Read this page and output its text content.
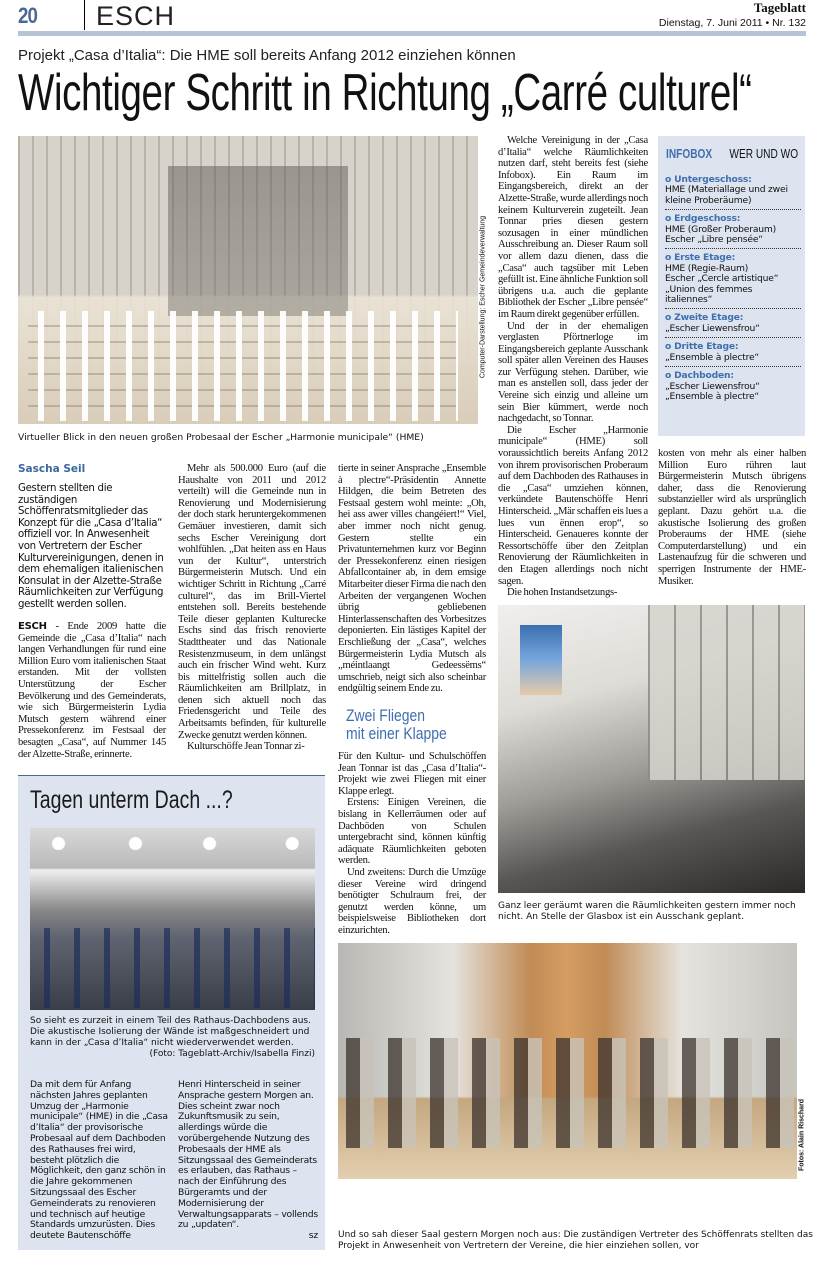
20 ESCH	Tageblatt
Dienstag, 7. Juni 2011 • Nr. 132
Projekt „Casa d’Italia“: Die HME soll bereits Anfang 2012 einziehen können
Wichtiger Schritt in Richtung „Carré culturel“
Computer-Darstellung: Escher Gemeindeverwaltung
Virtueller Blick in den neuen großen Probesaal der Escher „Harmonie municipale“ (HME)
Sascha Seil
Gestern stellten die zuständigen Schöffenratsmitglieder das Konzept für die „Casa d’Italia“ offiziell vor. In Anwesenheit von Vertretern der Escher Kulturvereinigungen, denen in dem ehemaligen italienischen Konsulat in der Alzette-Straße Räumlichkeiten zur Verfügung gestellt werden sollen.

ESCH - Ende 2009 hatte die Gemeinde die „Casa d’Italia“ nach langen Verhandlungen für rund eine Million Euro vom italienischen Staat erstanden. Mit der vollsten Unterstützung der Escher Bevölkerung und des Gemeinderats, wie sich Bürgermeisterin Lydia Mutsch gestern während einer Pressekonferenz im Festsaal der besagten „Casa“, auf Nummer 145 der Alzette-Straße, erinnerte.

Mehr als 500.000 Euro (auf die Haushalte von 2011 und 2012 verteilt) will die Gemeinde nun in Renovierung und Modernisierung der doch stark heruntergekommenen Gemäuer investieren, damit sich sechs Escher Vereinigung dort wohlfühlen. „Dat heiten ass en Haus vun der Kultur“, unterstrich Bürgermeisterin Mutsch. Und ein wichtiger Schritt in Richtung „Carré culturel“, das im Brill-Viertel entstehen soll. Bereits bestehende Teile dieser geplanten Kulturecke Eschs sind das frisch renovierte Stadttheater und das Nationale Resistenzmuseum, in dem unlängst auch ein frischer Wind weht. Kurz bis mittelfristig sollen auch die Räumlichkeiten am Brillplatz, in denen sich aktuell noch das Friedensgericht und Teile des Arbeitsamts befinden, für kulturelle Zwecke genutzt werden können.

Kulturschöffe Jean Tonnar zi-

tierte in seiner Ansprache „Ensemble à plectre“-Präsidentin Annette Hildgen, die beim Betreten des Festsaal gestern wohl meinte: „Oh, hei ass awer villes changéiert!“ Viel, aber immer noch nicht genug. Gestern stellte ein Privatunternehmen kurz vor Beginn der Pressekonferenz einen riesigen Abfallcontainer ab, in dem emsige Mitarbeiter dieser Firma die nach den Arbeiten der vergangenen Wochen übrig gebliebenen Hinterlassenschaften des Vorbesitzes deponierten. Ein lästiges Kapitel der Erschließung der „Casa“, welches Bürgermeisterin Lydia Mutsch als „méintlaangt Gedeessëms“ umschrieb, neigt sich also scheinbar endgültig seinem Ende zu.

Zwei Fliegen
mit einer Klappe

Für den Kultur- und Schulschöffen Jean Tonnar ist das „Casa d’Italia“-Projekt wie zwei Fliegen mit einer Klappe erlegt.

Erstens: Einigen Vereinen, die bislang in Kellerräumen oder auf Dachböden von Schulen untergebracht sind, können künftig adäquate Räumlichkeiten geboten werden.

Und zweitens: Durch die Umzüge dieser Vereine wird dringend benötigter Schulraum frei, der genutzt werden könne, um beispielsweise Bibliotheken dort einzurichten.

Welche Vereinigung in der „Casa d’Italia“ welche Räumlichkeiten nutzen darf, steht bereits fest (siehe Infobox). Ein Raum im Eingangsbereich, direkt an der Alzette-Straße, wurde allerdings noch keinem Kulturverein zugeteilt. Jean Tonnar pries diesen gestern sozusagen in einer mündlichen Ausschreibung an. Dieser Raum soll vor allem dazu dienen, dass die „Casa“ auch tagsüber mit Leben gefüllt ist. Eine ähnliche Funktion soll übrigens u.a. auch die geplante Bibliothek der Escher „Libre pensée“ im Raum direkt gegenüber erfüllen.

Und der in der ehemaligen verglasten Pförtnerloge im Eingangsbereich geplante Ausschank soll später allen Vereinen des Hauses zur Verfügung stehen. Darüber, wie man es anstellen soll, dass jeder der Vereine sich einzig und alleine um sein Bier kümmert, werde noch nachgedacht, so Tonnar.

Die Escher „Harmonie municipale“ (HME) soll voraussichtlich bereits Anfang 2012 von ihrem provisorischen Proberaum auf dem Dachboden des Rathauses in die „Casa“ umziehen können, verkündete Bautenschöffe Henri Hinterscheid. „Mär schaffen eis lues a lues vun ënnen erop“, so Hinterscheid. Genaueres konnte der Ressortschöffe über den Zeitplan Renovierung der Räumlichkeiten in den Etagen allerdings noch nicht sagen.

Die hohen Instandsetzungs-

kosten von mehr als einer halben Million Euro rühren laut Bürgermeisterin Mutsch übrigens daher, dass die Renovierung substanzieller wird als ursprünglich geplant. Dazu gehört u.a. die akustische Isolierung des großen Proberaums der HME (siehe Computerdarstellung) und ein Lastenaufzug für die schweren und sperrigen Instrumente der HME-Musiker.

INFOBOX WER UND WO
o Untergeschoss:
HME (Materiallage und zwei kleine Proberäume)
o Erdgeschoss:
HME (Großer Proberaum)
Escher „Libre pensée“
o Erste Etage:
HME (Regie-Raum)
Escher „Cercle artistique“
„Union des femmes italiennes“
o Zweite Etage:
„Escher Liewensfrou“
o Dritte Etage:
„Ensemble à plectre“
o Dachboden:
„Escher Liewensfrou“
„Ensemble à plectre“
Ganz leer geräumt waren die Räumlichkeiten gestern immer noch nicht. An Stelle der Glasbox ist ein Ausschank geplant.
Fotos: Alain Rischard
Und so sah dieser Saal gestern Morgen noch aus: Die zuständigen Vertreter des Schöffenrats stellten das Projekt in Anwesenheit von Vertretern der Vereine, die hier einziehen sollen, vor
Tagen unterm Dach ...?
So sieht es zurzeit in einem Teil des Rathaus-Dachbodens aus. Die akustische Isolierung der Wände ist maßgeschneidert und kann in der „Casa d’Italia“ nicht wiederverwendet werden.
(Foto: Tageblatt-Archiv/Isabella Finzi)

Da mit dem für Anfang nächsten Jahres geplanten Umzug der „Harmonie municipale“ (HME) in die „Casa d’Italia“ der provisorische Probesaal auf dem Dachboden des Rathauses frei wird, besteht plötzlich die Möglichkeit, den ganz schön in die Jahre gekommenen Sitzungssaal des Escher Gemeinderats zu renovieren und technisch auf heutige Standards umzurüsten. Dies deutete Bautenschöffe

Henri Hinterscheid in seiner Ansprache gestern Morgen an.

Dies scheint zwar noch Zukunftsmusik zu sein, allerdings würde die vorübergehende Nutzung des Probesaals der HME als Sitzungssaal des Gemeinderats es erlauben, das Rathaus – nach der Einführung des Bürgeramts und der Modernisierung der Verwaltungsapparats – vollends zu „updaten“.

sz
